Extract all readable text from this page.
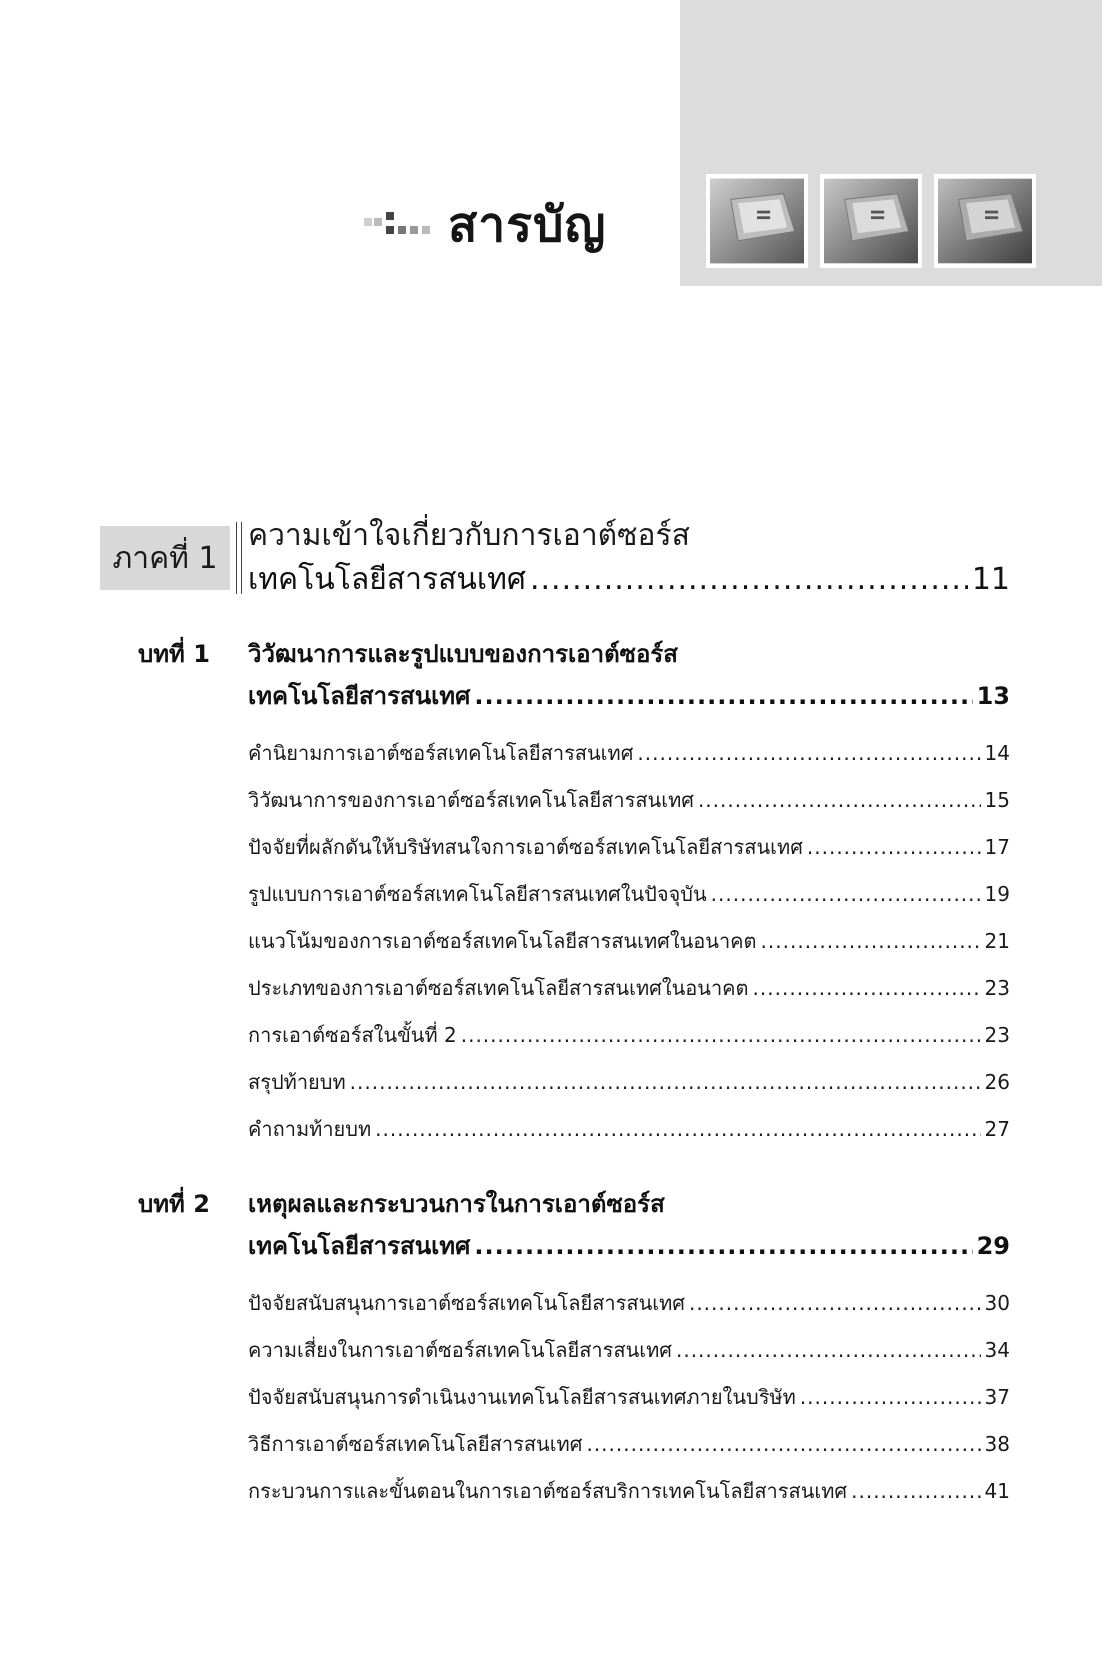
สารบัญ
ภาคที่ 1
ความเข้าใจเกี่ยวกับการเอาต์ซอร์ส
เทคโนโลยีสารสนเทศ .....	11
บทที่ 1	วิวัฒนาการและรูปแบบของการเอาต์ซอร์ส
เทคโนโลยีสารสนเทศ .....	13
คำนิยามการเอาต์ซอร์สเทคโนโลยีสารสนเทศ .....	14
วิวัฒนาการของการเอาต์ซอร์สเทคโนโลยีสารสนเทศ .....	15
ปัจจัยที่ผลักดันให้บริษัทสนใจการเอาต์ซอร์สเทคโนโลยีสารสนเทศ .....	17
รูปแบบการเอาต์ซอร์สเทคโนโลยีสารสนเทศในปัจจุบัน .....	19
แนวโน้มของการเอาต์ซอร์สเทคโนโลยีสารสนเทศในอนาคต .....	21
ประเภทของการเอาต์ซอร์สเทคโนโลยีสารสนเทศในอนาคต .....	23
การเอาต์ซอร์สในขั้นที่ 2 .....	23
สรุปท้ายบท .....	26
คำถามท้ายบท .....	27
บทที่ 2	เหตุผลและกระบวนการในการเอาต์ซอร์ส
เทคโนโลยีสารสนเทศ .....	29
ปัจจัยสนับสนุนการเอาต์ซอร์สเทคโนโลยีสารสนเทศ .....	30
ความเสี่ยงในการเอาต์ซอร์สเทคโนโลยีสารสนเทศ .....	34
ปัจจัยสนับสนุนการดำเนินงานเทคโนโลยีสารสนเทศภายในบริษัท .....	37
วิธีการเอาต์ซอร์สเทคโนโลยีสารสนเทศ .....	38
กระบวนการและขั้นตอนในการเอาต์ซอร์สบริการเทคโนโลยีสารสนเทศ .....	41
